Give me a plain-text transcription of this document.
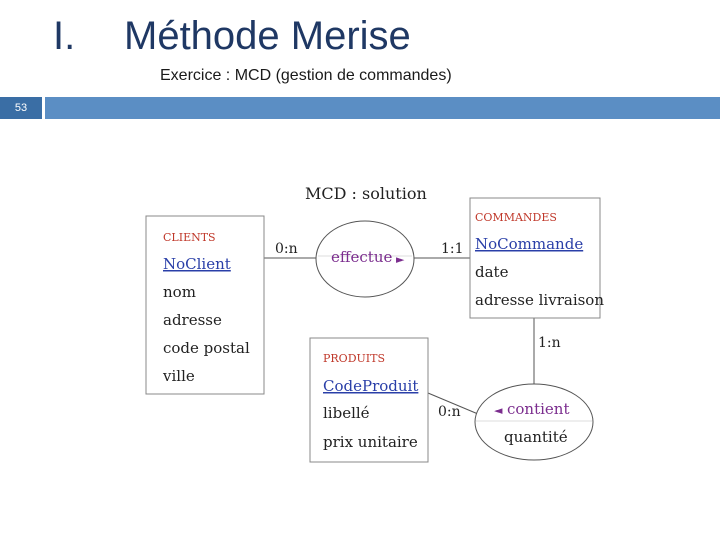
I. Méthode Merise
Exercice : MCD (gestion de commandes)
53
MCD : solution
0:n	1:1
1:n
0:n
CLIENTS
NoClient
nom
adresse
code postal
ville
effectue ►
COMMANDES
NoCommande
date
adresse livraison
PRODUITS
CodeProduit
libellé
prix unitaire
◄ contient
quantité
